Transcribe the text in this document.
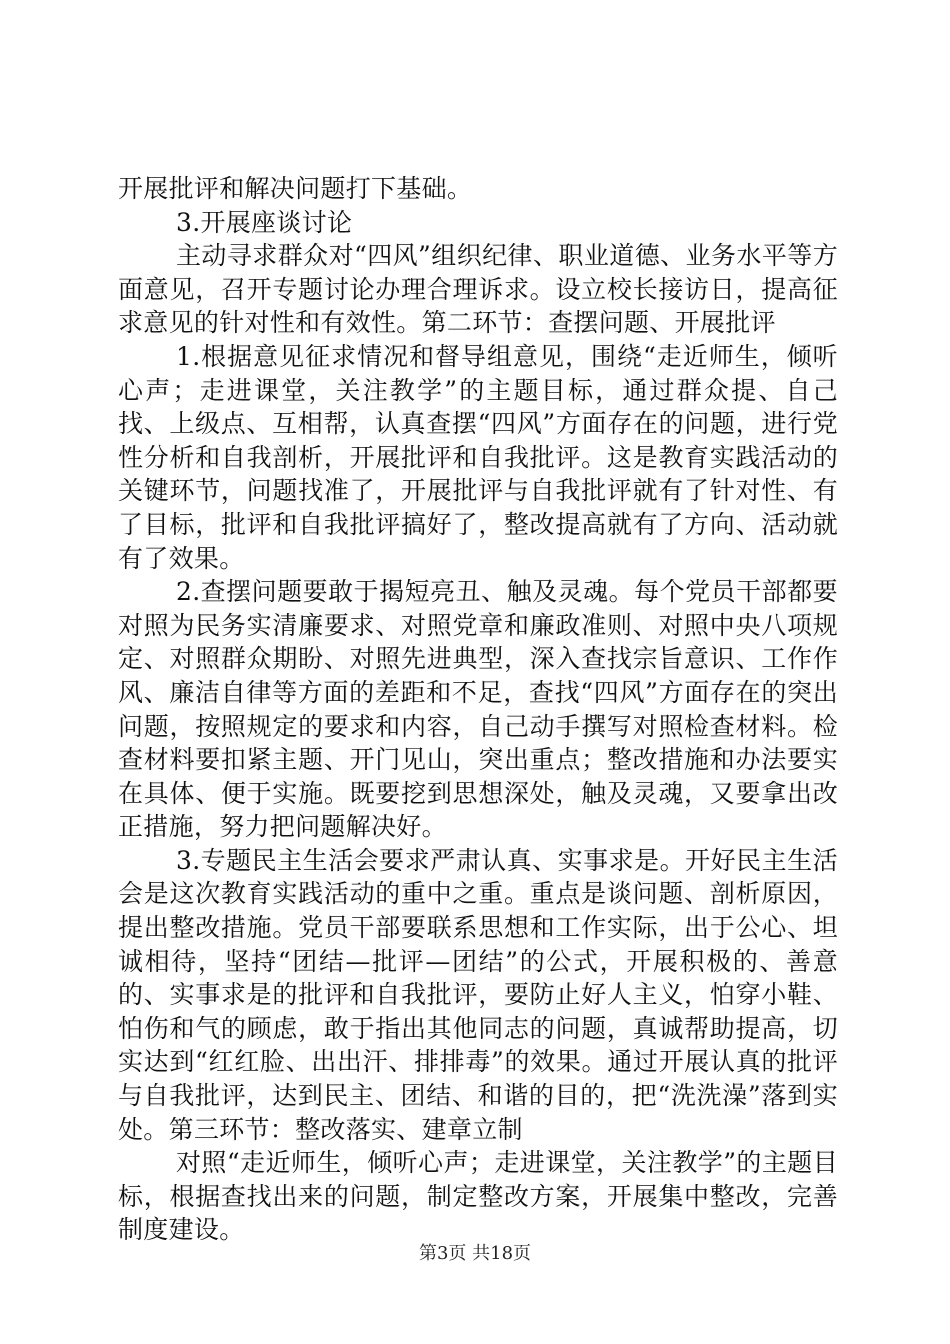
开展批评和解决问题打下基础。

3.开展座谈讨论

主动寻求群众对“四风”组织纪律、职业道德、业务水平等方面意见，召开专题讨论办理合理诉求。设立校长接访日，提高征求意见的针对性和有效性。第二环节：查摆问题、开展批评

1.根据意见征求情况和督导组意见，围绕“走近师生，倾听心声；走进课堂，关注教学”的主题目标，通过群众提、自己找、上级点、互相帮，认真查摆“四风”方面存在的问题，进行党性分析和自我剖析，开展批评和自我批评。这是教育实践活动的关键环节，问题找准了，开展批评与自我批评就有了针对性、有了目标，批评和自我批评搞好了，整改提高就有了方向、活动就有了效果。

2.查摆问题要敢于揭短亮丑、触及灵魂。每个党员干部都要对照为民务实清廉要求、对照党章和廉政准则、对照中央八项规定、对照群众期盼、对照先进典型，深入查找宗旨意识、工作作风、廉洁自律等方面的差距和不足，查找“四风”方面存在的突出问题，按照规定的要求和内容，自己动手撰写对照检查材料。检查材料要扣紧主题、开门见山，突出重点；整改措施和办法要实在具体、便于实施。既要挖到思想深处，触及灵魂，又要拿出改正措施，努力把问题解决好。

3.专题民主生活会要求严肃认真、实事求是。开好民主生活会是这次教育实践活动的重中之重。重点是谈问题、剖析原因，提出整改措施。党员干部要联系思想和工作实际，出于公心、坦诚相待，坚持“团结—批评—团结”的公式，开展积极的、善意的、实事求是的批评和自我批评，要防止好人主义，怕穿小鞋、怕伤和气的顾虑，敢于指出其他同志的问题，真诚帮助提高，切实达到“红红脸、出出汗、排排毒”的效果。通过开展认真的批评与自我批评，达到民主、团结、和谐的目的，把“洗洗澡”落到实处。第三环节：整改落实、建章立制

对照“走近师生，倾听心声；走进课堂，关注教学”的主题目标，根据查找出来的问题，制定整改方案，开展集中整改，完善制度建设。

第3页 共18页
